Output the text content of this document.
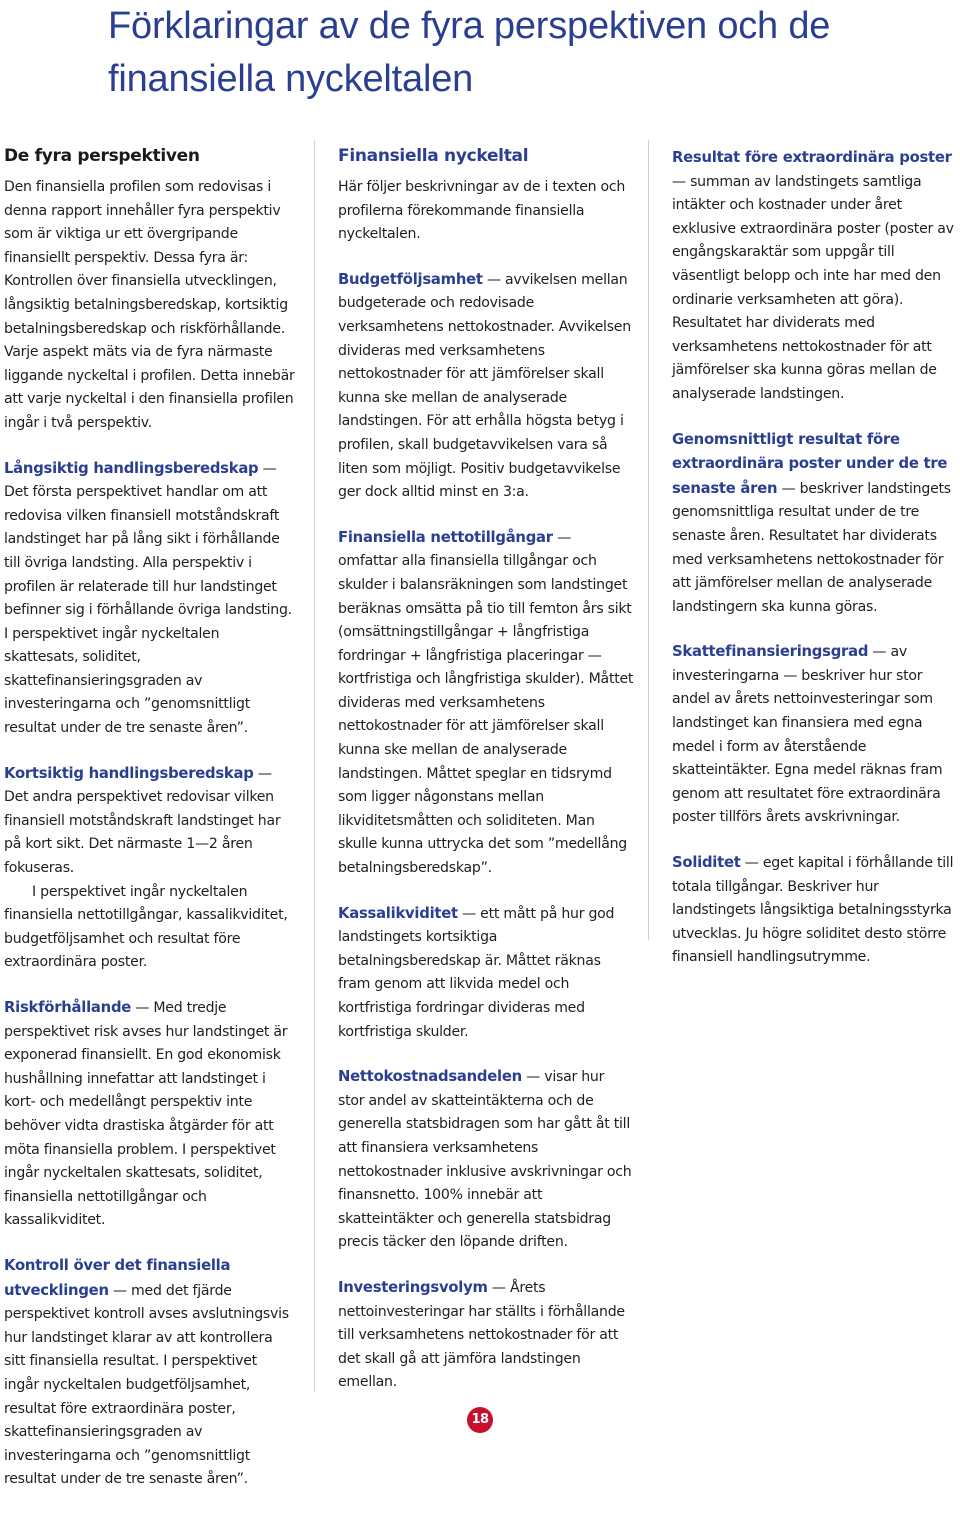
Förklaringar av de fyra perspektiven och de finansiella nyckeltalen
De fyra perspektiven

Den finansiella profilen som redovisas i denna rapport innehåller fyra perspektiv som är viktiga ur ett övergripande finansiellt perspektiv. Dessa fyra är: Kontrollen över finansiella utvecklingen, långsiktig betalningsberedskap, kortsiktig betalningsberedskap och riskförhållande. Varje aspekt mäts via de fyra närmaste liggande nyckeltal i profilen. Detta innebär att varje nyckeltal i den finansiella profilen ingår i två perspektiv.

Långsiktig handlingsberedskap — Det första perspektivet handlar om att redovisa vilken finansiell motståndskraft landstinget har på lång sikt i förhållande till övriga landsting. Alla perspektiv i profilen är relaterade till hur landstinget befinner sig i förhållande övriga landsting. I perspektivet ingår nyckeltalen skattesats, soliditet, skattefinansieringsgraden av investeringarna och ”genomsnittligt resultat under de tre senaste åren”.

Kortsiktig handlingsberedskap — Det andra perspektivet redovisar vilken finansiell motståndskraft landstinget har på kort sikt. Det närmaste 1—2 åren fokuseras.

I perspektivet ingår nyckeltalen finansiella nettotillgångar, kassalikviditet, budgetföljsamhet och resultat före extraordinära poster.

Riskförhållande — Med tredje perspektivet risk avses hur landstinget är exponerad finansiellt. En god ekonomisk hushållning innefattar att landstinget i kort- och medellångt perspektiv inte behöver vidta drastiska åtgärder för att möta finansiella problem. I perspektivet ingår nyckeltalen skattesats, soliditet, finansiella nettotillgångar och kassalikviditet.

Kontroll över det finansiella utvecklingen — med det fjärde perspektivet kontroll avses avslutningsvis hur landstinget klarar av att kontrollera sitt finansiella resultat. I perspektivet ingår nyckeltalen budgetföljsamhet, resultat före extraordinära poster, skattefinansieringsgraden av investeringarna och ”genomsnittligt resultat under de tre senaste åren”.

Finansiella nyckeltal

Här följer beskrivningar av de i texten och profilerna förekommande finansiella nyckeltalen.

Budgetföljsamhet — avvikelsen mellan budgeterade och redovisade verksamhetens nettokostnader. Avvikelsen divideras med verksamhetens nettokostnader för att jämförelser skall kunna ske mellan de analyserade landstingen. För att erhålla högsta betyg i profilen, skall budgetavvikelsen vara så liten som möjligt. Positiv budgetavvikelse ger dock alltid minst en 3:a.

Finansiella nettotillgångar — omfattar alla finansiella tillgångar och skulder i balansräkningen som landstinget beräknas omsätta på tio till femton års sikt (omsättningstillgångar + långfristiga fordringar + långfristiga placeringar — kortfristiga och långfristiga skulder). Måttet divideras med verksamhetens nettokostnader för att jämförelser skall kunna ske mellan de analyserade landstingen. Måttet speglar en tidsrymd som ligger någonstans mellan likviditetsmåtten och soliditeten. Man skulle kunna uttrycka det som ”medellång betalningsberedskap”.

Kassalikviditet — ett mått på hur god landstingets kortsiktiga betalningsberedskap är. Måttet räknas fram genom att likvida medel och kortfristiga fordringar divideras med kortfristiga skulder.

Nettokostnadsandelen — visar hur stor andel av skatteintäkterna och de generella statsbidragen som har gått åt till att finansiera verksamhetens nettokostnader inklusive avskrivningar och finansnetto. 100% innebär att skatteintäkter och generella statsbidrag precis täcker den löpande driften.

Investeringsvolym — Årets nettoinvesteringar har ställts i förhållande till verksamhetens nettokostnader för att det skall gå att jämföra landstingen emellan.

Resultat före extraordinära poster — summan av landstingets samtliga intäkter och kostnader under året exklusive extraordinära poster (poster av engångskaraktär som uppgår till väsentligt belopp och inte har med den ordinarie verksamheten att göra). Resultatet har dividerats med verksamhetens nettokostnader för att jämförelser ska kunna göras mellan de analyserade landstingen.

Genomsnittligt resultat före extraordinära poster under de tre senaste åren — beskriver landstingets genomsnittliga resultat under de tre senaste åren. Resultatet har dividerats med verksamhetens nettokostnader för att jämförelser mellan de analyserade landstingern ska kunna göras.

Skattefinansieringsgrad — av investeringarna — beskriver hur stor andel av årets nettoinvesteringar som landstinget kan finansiera med egna medel i form av återstående skatteintäkter. Egna medel räknas fram genom att resultatet före extraordinära poster tillförs årets avskrivningar.

Soliditet — eget kapital i förhållande till totala tillgångar. Beskriver hur landstingets långsiktiga betalningsstyrka utvecklas. Ju högre soliditet desto större finansiell handlingsutrymme.

18
